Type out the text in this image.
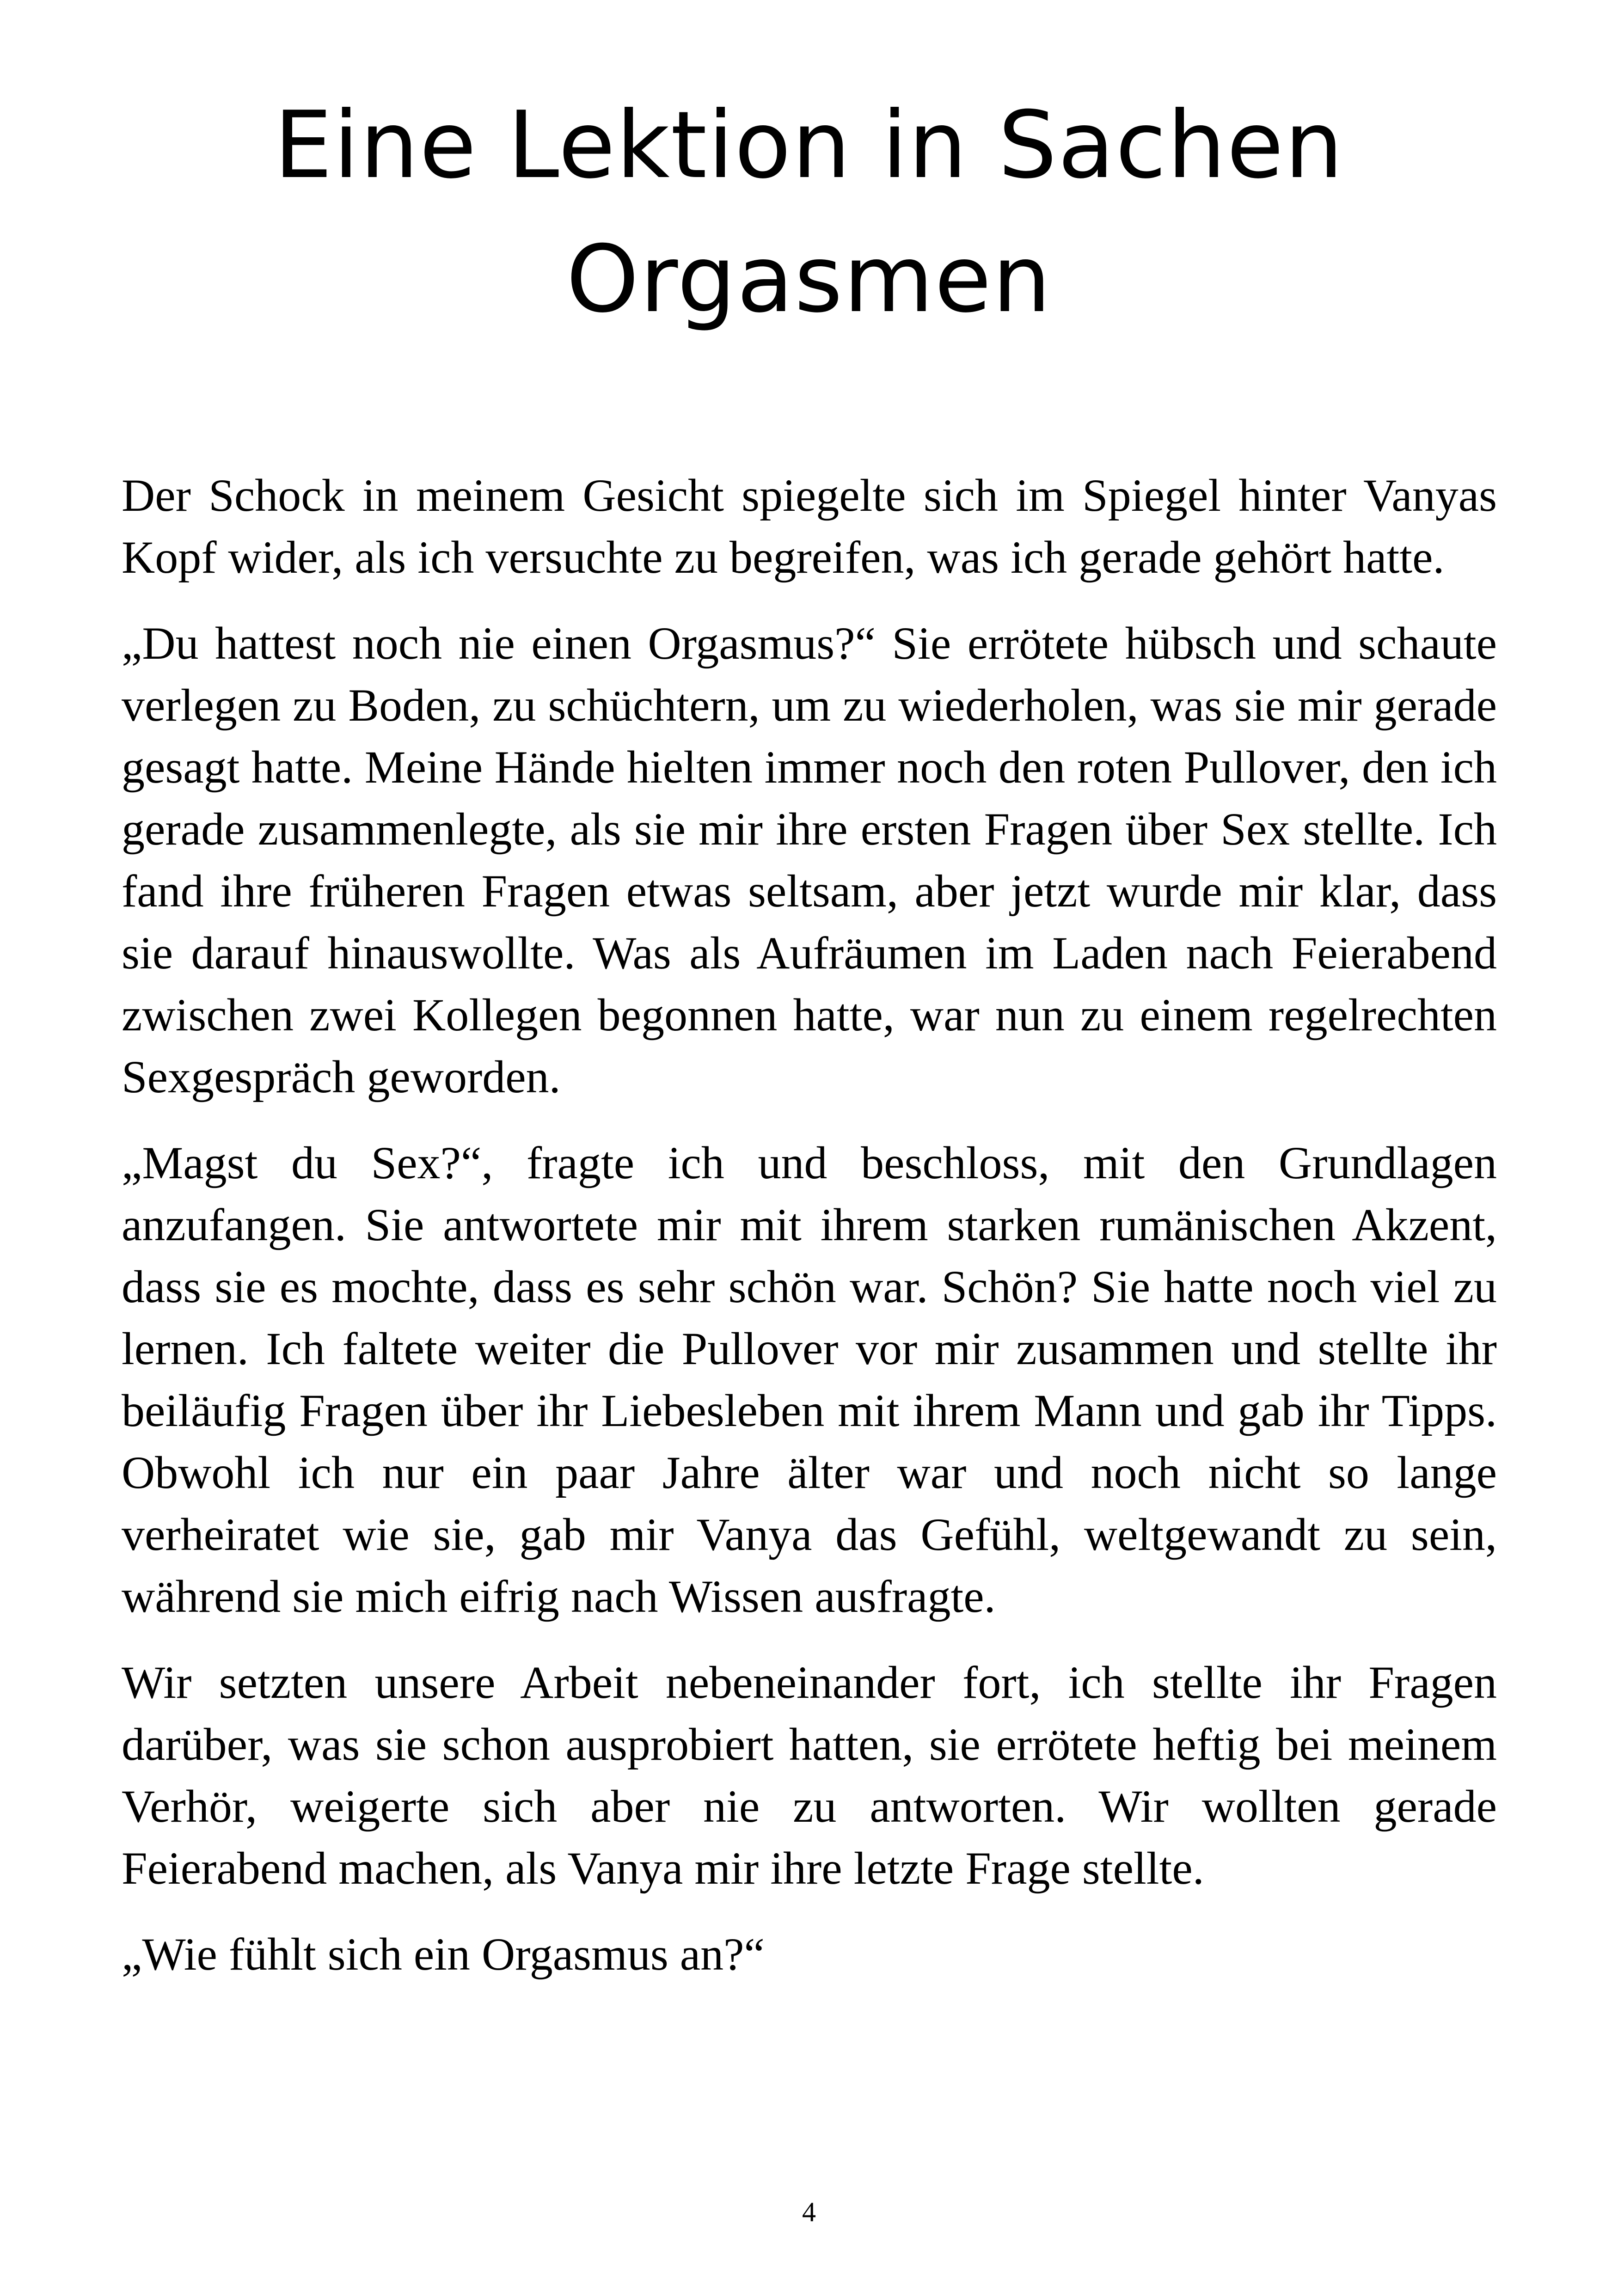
Eine Lektion in Sachen
Orgasmen

Der Schock in meinem Gesicht spiegelte sich im Spiegel hinter Vanyas Kopf wider, als ich versuchte zu begreifen, was ich gerade gehört hatte.

„Du hattest noch nie einen Orgasmus?“ Sie errötete hübsch und schaute verlegen zu Boden, zu schüchtern, um zu wiederholen, was sie mir gerade gesagt hatte. Meine Hände hielten immer noch den roten Pullover, den ich gerade zusammenlegte, als sie mir ihre ersten Fragen über Sex stellte. Ich fand ihre früheren Fragen etwas seltsam, aber jetzt wurde mir klar, dass sie darauf hinauswollte. Was als Aufräumen im Laden nach Feierabend zwischen zwei Kollegen begonnen hatte, war nun zu einem regelrechten Sexgespräch geworden.

„Magst du Sex?“, fragte ich und beschloss, mit den Grundlagen anzufangen. Sie antwortete mir mit ihrem starken rumänischen Akzent, dass sie es mochte, dass es sehr schön war. Schön? Sie hatte noch viel zu lernen. Ich faltete weiter die Pullover vor mir zusammen und stellte ihr beiläufig Fragen über ihr Liebesleben mit ihrem Mann und gab ihr Tipps. Obwohl ich nur ein paar Jahre älter war und noch nicht so lange verheiratet wie sie, gab mir Vanya das Gefühl, weltgewandt zu sein, während sie mich eifrig nach Wissen ausfragte.

Wir setzten unsere Arbeit nebeneinander fort, ich stellte ihr Fragen darüber, was sie schon ausprobiert hatten, sie errötete heftig bei meinem Verhör, weigerte sich aber nie zu antworten. Wir wollten gerade Feierabend machen, als Vanya mir ihre letzte Frage stellte.

„Wie fühlt sich ein Orgasmus an?“

4
